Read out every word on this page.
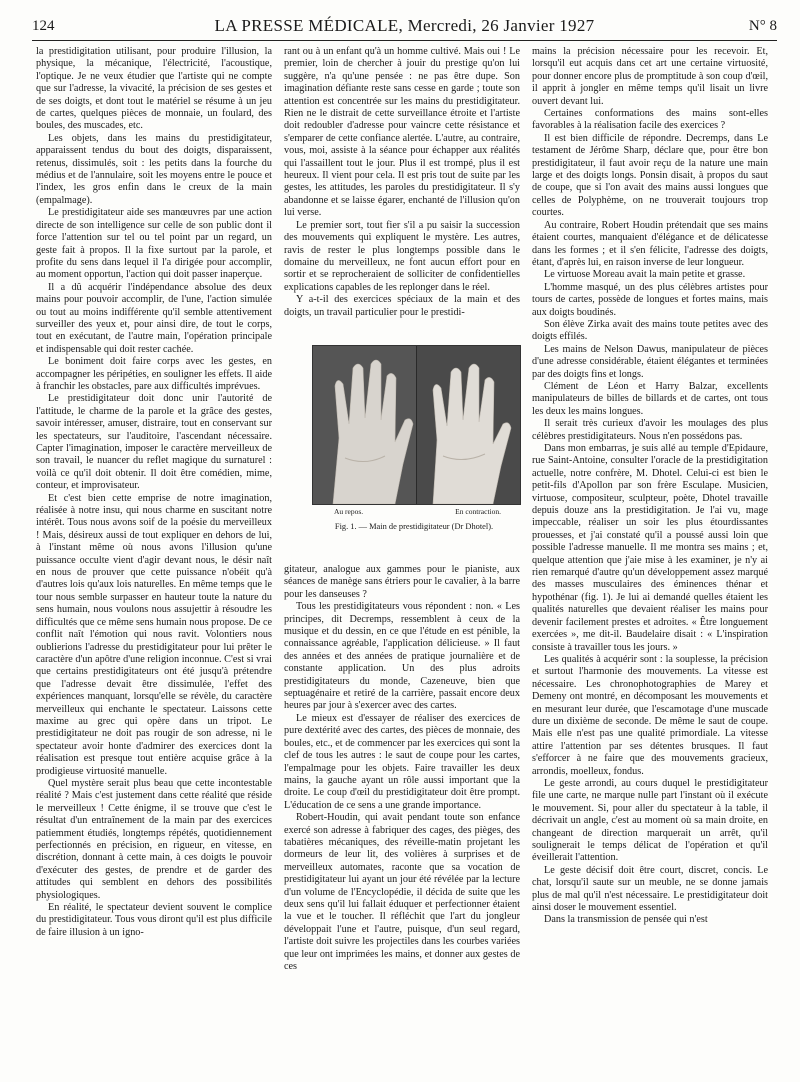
124	LA PRESSE MÉDICALE, Mercredi, 26 Janvier 1927	N° 8

la prestidigitation utilisant, pour produire l'illusion, la physique, la mécanique, l'électricité, l'acoustique, l'optique. Je ne veux étudier que l'artiste qui ne compte que sur l'adresse, la vivacité, la précision de ses gestes et de ses doigts, et dont tout le matériel se résume à un jeu de cartes, quelques pièces de monnaie, un foulard, des boules, des muscades, etc.

Les objets, dans les mains du prestidigitateur, apparaissent tendus du bout des doigts, disparaissent, retenus, dissimulés, soit : les petits dans la fourche du médius et de l'annulaire, soit les moyens entre le pouce et l'index, les gros enfin dans le creux de la main (empalmage).

Le prestidigitateur aide ses manœuvres par une action directe de son intelligence sur celle de son public dont il force l'attention sur tel ou tel point par un regard, un geste fait à propos. Il la fixe surtout par la parole, et profite du sens dans lequel il l'a dirigée pour accomplir, au moment opportun, l'action qui doit passer inaperçue.

Il a dû acquérir l'indépendance absolue des deux mains pour pouvoir accomplir, de l'une, l'action simulée ou tout au moins indifférente qu'il semble attentivement surveiller des yeux et, pour ainsi dire, de tout le corps, tout en exécutant, de l'autre main, l'opération principale et indispensable qui doit rester cachée.

Le boniment doit faire corps avec les gestes, en accompagner les péripéties, en souligner les effets. Il aide à franchir les obstacles, pare aux difficultés imprévues.

Le prestidigitateur doit donc unir l'autorité de l'attitude, le charme de la parole et la grâce des gestes, savoir intéresser, amuser, distraire, tout en conservant sur les spectateurs, sur l'auditoire, l'ascendant nécessaire. Capter l'imagination, imposer le caractère merveilleux de son travail, le nuancer du reflet magique du surnaturel : voilà ce qu'il doit obtenir. Il doit être comédien, mime, conteur, et improvisateur.

Et c'est bien cette emprise de notre imagination, réalisée à notre insu, qui nous charme en suscitant notre intérêt. Tous nous avons soif de la poésie du merveilleux ! Mais, désireux aussi de tout expliquer en dehors de lui, à l'instant même où nous avons l'illusion qu'une puissance occulte vient d'agir devant nous, le désir naît en nous de prouver que cette puissance n'obéit qu'à d'autres lois qu'aux lois naturelles. En même temps que le tour nous semble surpasser en hauteur toute la nature du sens humain, nous voulons nous assujettir à résoudre les difficultés que ce même sens humain nous propose. De ce conflit naît l'émotion qui nous ravit. Volontiers nous oublierions l'adresse du prestidigitateur pour lui prêter le caractère d'un apôtre d'une religion inconnue. C'est si vrai que certains prestidigitateurs ont été jusqu'à prétendre que l'adresse devait être dissimulée, l'effet des expériences manquant, lorsqu'elle se révèle, du caractère merveilleux qui enchante le spectateur. Laissons cette maxime au grec qui opère dans un tripot. Le prestidigitateur ne doit pas rougir de son adresse, ni le spectateur avoir honte d'admirer des exercices dont la réalisation est presque tout entière acquise grâce à la prodigieuse virtuosité manuelle.

Quel mystère serait plus beau que cette incontestable réalité ? Mais c'est justement dans cette réalité que réside le merveilleux ! Cette énigme, il se trouve que c'est le résultat d'un entraînement de la main par des exercices patiemment étudiés, longtemps répétés, quotidiennement perfectionnés en précision, en rigueur, en vitesse, en discrétion, donnant à cette main, à ces doigts le pouvoir d'exécuter des gestes, de prendre et de garder des attitudes qui semblent en dehors des possibilités physiologiques.

En réalité, le spectateur devient souvent le complice du prestidigitateur. Tous vous diront qu'il est plus difficile de faire illusion à un igno-

rant ou à un enfant qu'à un homme cultivé. Mais oui ! Le premier, loin de chercher à jouir du prestige qu'on lui suggère, n'a qu'une pensée : ne pas être dupe. Son imagination défiante reste sans cesse en garde ; toute son attention est concentrée sur les mains du prestidigitateur. Rien ne le distrait de cette surveillance étroite et l'artiste doit redoubler d'adresse pour vaincre cette résistance et s'emparer de cette confiance alertée. L'autre, au contraire, vous, moi, assiste à la séance pour échapper aux réalités qui l'assaillent tout le jour. Plus il est trompé, plus il est heureux. Il vient pour cela. Il est pris tout de suite par les gestes, les attitudes, les paroles du prestidigitateur. Il s'y abandonne et se laisse égarer, enchanté de l'illusion qu'on lui verse.

Le premier sort, tout fier s'il a pu saisir la succession des mouvements qui expliquent le mystère. Les autres, ravis de rester le plus longtemps possible dans le domaine du merveilleux, ne font aucun effort pour en sortir et se reprocheraient de solliciter de confidentielles explications capables de les replonger dans le réel.

Y a-t-il des exercices spéciaux de la main et des doigts, un travail particulier pour le prestidi-

gitateur, analogue aux gammes pour le pianiste, aux séances de manège sans étriers pour le cavalier, à la barre pour les danseuses ?

Tous les prestidigitateurs vous répondent : non. « Les principes, dit Decremps, ressemblent à ceux de la musique et du dessin, en ce que l'étude en est pénible, la connaissance agréable, l'application délicieuse. » Il faut des années et des années de pratique journalière et de constante application. Un des plus adroits prestidigitateurs du monde, Cazeneuve, bien que septuagénaire et retiré de la carrière, passait encore deux heures par jour à s'exercer avec des cartes.

Le mieux est d'essayer de réaliser des exercices de pure dextérité avec des cartes, des pièces de monnaie, des boules, etc., et de commencer par les exercices qui sont la clef de tous les autres : le saut de coupe pour les cartes, l'empalmage pour les objets. Faire travailler les deux mains, la gauche ayant un rôle aussi important que la droite. Le coup d'œil du prestidigitateur doit être prompt. L'éducation de ce sens a une grande importance.

Robert-Houdin, qui avait pendant toute son enfance exercé son adresse à fabriquer des cages, des pièges, des tabatières mécaniques, des réveille-matin projetant les dormeurs de leur lit, des volières à surprises et de merveilleux automates, raconte que sa vocation de prestidigitateur lui ayant un jour été révélée par la lecture d'un volume de l'Encyclopédie, il décida de suite que les deux sens qu'il lui fallait éduquer et perfectionner étaient la vue et le toucher. Il réfléchit que l'art du jongleur développait l'une et l'autre, puisque, d'un seul regard, l'artiste doit suivre les projectiles dans les courbes variées que leur ont imprimées les mains, et donner aux gestes de ces

Au repos.	En contraction.
Fig. 1. — Main de prestidigitateur (Dr Dhotel).

mains la précision nécessaire pour les recevoir. Et, lorsqu'il eut acquis dans cet art une certaine virtuosité, pour donner encore plus de promptitude à son coup d'œil, il apprit à jongler en même temps qu'il lisait un livre ouvert devant lui.

Certaines conformations des mains sont-elles favorables à la réalisation facile des exercices ?

Il est bien difficile de répondre. Decremps, dans Le testament de Jérôme Sharp, déclare que, pour être bon prestidigitateur, il faut avoir reçu de la nature une main large et des doigts longs. Ponsin disait, à propos du saut de coupe, que si l'on avait des mains aussi longues que celles de Polyphème, on ne trouverait toujours trop courtes.

Au contraire, Robert Houdin prétendait que ses mains étaient courtes, manquaient d'élégance et de délicatesse dans les formes ; et il s'en félicite, l'adresse des doigts, étant, d'après lui, en raison inverse de leur longueur.

Le virtuose Moreau avait la main petite et grasse.

L'homme masqué, un des plus célèbres artistes pour tours de cartes, possède de longues et fortes mains, mais aux doigts boudinés.

Son élève Zirka avait des mains toute petites avec des doigts effilés.

Les mains de Nelson Dawus, manipulateur de pièces d'une adresse considérable, étaient élégantes et terminées par des doigts fins et longs.

Clément de Léon et Harry Balzar, excellents manipulateurs de billes de billards et de cartes, ont tous les deux les mains longues.

Il serait très curieux d'avoir les moulages des plus célèbres prestidigitateurs. Nous n'en possédons pas.

Dans mon embarras, je suis allé au temple d'Epidaure, rue Saint-Antoine, consulter l'oracle de la prestidigitation actuelle, notre confrère, M. Dhotel. Celui-ci est bien le petit-fils d'Apollon par son frère Esculape. Musicien, virtuose, compositeur, sculpteur, poète, Dhotel travaille depuis douze ans la prestidigitation. Je l'ai vu, mage impeccable, réaliser un soir les plus étourdissantes prouesses, et j'ai constaté qu'il a poussé aussi loin que possible l'adresse manuelle. Il me montra ses mains ; et, quelque attention que j'aie mise à les examiner, je n'y ai rien remarqué d'autre qu'un développement assez marqué des masses musculaires des éminences thénar et hypothénar (fig. 1). Je lui ai demandé quelles étaient les qualités naturelles que devaient réaliser les mains pour devenir facilement prestes et adroites. « Être longuement exercées », me dit-il. Baudelaire disait : « L'inspiration consiste à travailler tous les jours. »

Les qualités à acquérir sont : la souplesse, la précision et surtout l'harmonie des mouvements. La vitesse est nécessaire. Les chronophotographies de Marey et Demeny ont montré, en décomposant les mouvements et en mesurant leur durée, que l'escamotage d'une muscade dure un dixième de seconde. De même le saut de coupe. Mais elle n'est pas une qualité primordiale. La vitesse attire l'attention par ses détentes brusques. Il faut s'efforcer à ne faire que des mouvements gracieux, arrondis, moelleux, fondus.

Le geste arrondi, au cours duquel le prestidigitateur file une carte, ne marque nulle part l'instant où il exécute le mouvement. Si, pour aller du spectateur à la table, il décrivait un angle, c'est au moment où sa main droite, en changeant de direction marquerait un arrêt, qu'il soulignerait le temps délicat de l'opération et qu'il éveillerait l'attention.

Le geste décisif doit être court, discret, concis. Le chat, lorsqu'il saute sur un meuble, ne se donne jamais plus de mal qu'il n'est nécessaire. Le prestidigitateur doit ainsi doser le mouvement essentiel.

Dans la transmission de pensée qui n'est
